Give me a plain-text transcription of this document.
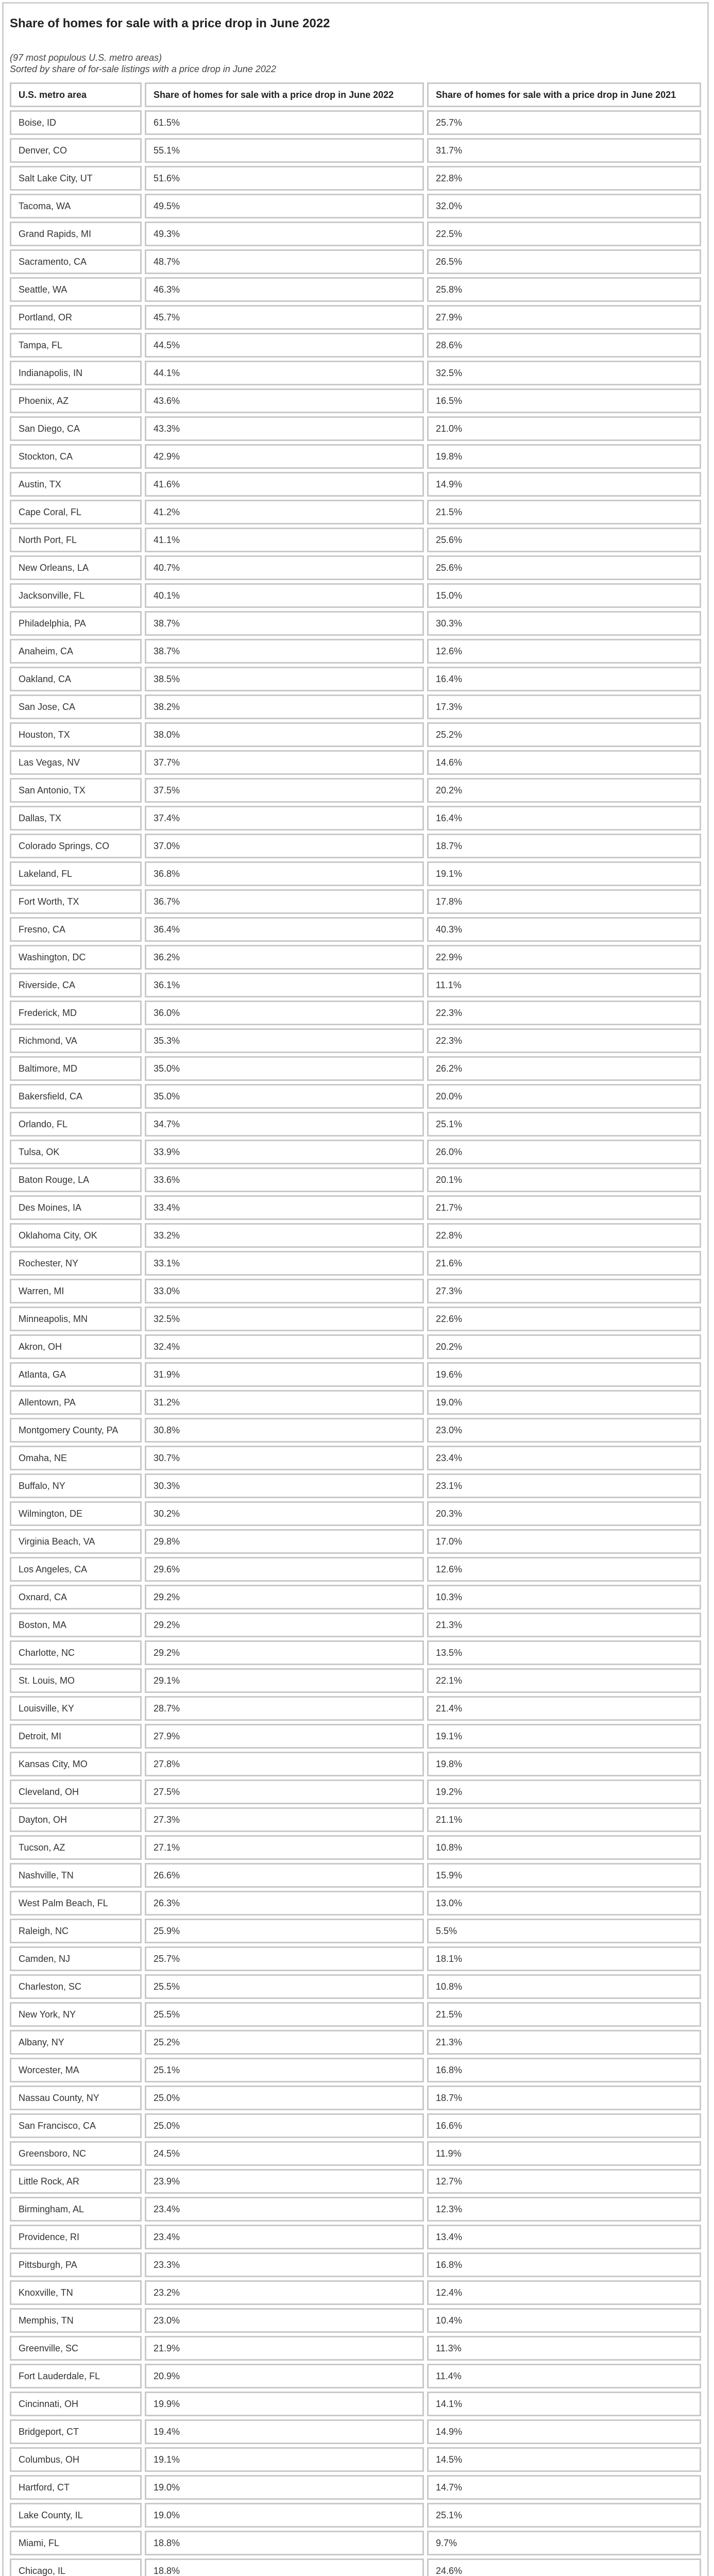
Share of homes for sale with a price drop in June 2022
(97 most populous U.S. metro areas)
Sorted by share of for-sale listings with a price drop in June 2022
U.S. metro area	Share of homes for sale with a price drop in June 2022	Share of homes for sale with a price drop in June 2021
Boise, ID	61.5%	25.7%
Denver, CO	55.1%	31.7%
Salt Lake City, UT	51.6%	22.8%
Tacoma, WA	49.5%	32.0%
Grand Rapids, MI	49.3%	22.5%
Sacramento, CA	48.7%	26.5%
Seattle, WA	46.3%	25.8%
Portland, OR	45.7%	27.9%
Tampa, FL	44.5%	28.6%
Indianapolis, IN	44.1%	32.5%
Phoenix, AZ	43.6%	16.5%
San Diego, CA	43.3%	21.0%
Stockton, CA	42.9%	19.8%
Austin, TX	41.6%	14.9%
Cape Coral, FL	41.2%	21.5%
North Port, FL	41.1%	25.6%
New Orleans, LA	40.7%	25.6%
Jacksonville, FL	40.1%	15.0%
Philadelphia, PA	38.7%	30.3%
Anaheim, CA	38.7%	12.6%
Oakland, CA	38.5%	16.4%
San Jose, CA	38.2%	17.3%
Houston, TX	38.0%	25.2%
Las Vegas, NV	37.7%	14.6%
San Antonio, TX	37.5%	20.2%
Dallas, TX	37.4%	16.4%
Colorado Springs, CO	37.0%	18.7%
Lakeland, FL	36.8%	19.1%
Fort Worth, TX	36.7%	17.8%
Fresno, CA	36.4%	40.3%
Washington, DC	36.2%	22.9%
Riverside, CA	36.1%	11.1%
Frederick, MD	36.0%	22.3%
Richmond, VA	35.3%	22.3%
Baltimore, MD	35.0%	26.2%
Bakersfield, CA	35.0%	20.0%
Orlando, FL	34.7%	25.1%
Tulsa, OK	33.9%	26.0%
Baton Rouge, LA	33.6%	20.1%
Des Moines, IA	33.4%	21.7%
Oklahoma City, OK	33.2%	22.8%
Rochester, NY	33.1%	21.6%
Warren, MI	33.0%	27.3%
Minneapolis, MN	32.5%	22.6%
Akron, OH	32.4%	20.2%
Atlanta, GA	31.9%	19.6%
Allentown, PA	31.2%	19.0%
Montgomery County, PA	30.8%	23.0%
Omaha, NE	30.7%	23.4%
Buffalo, NY	30.3%	23.1%
Wilmington, DE	30.2%	20.3%
Virginia Beach, VA	29.8%	17.0%
Los Angeles, CA	29.6%	12.6%
Oxnard, CA	29.2%	10.3%
Boston, MA	29.2%	21.3%
Charlotte, NC	29.2%	13.5%
St. Louis, MO	29.1%	22.1%
Louisville, KY	28.7%	21.4%
Detroit, MI	27.9%	19.1%
Kansas City, MO	27.8%	19.8%
Cleveland, OH	27.5%	19.2%
Dayton, OH	27.3%	21.1%
Tucson, AZ	27.1%	10.8%
Nashville, TN	26.6%	15.9%
West Palm Beach, FL	26.3%	13.0%
Raleigh, NC	25.9%	5.5%
Camden, NJ	25.7%	18.1%
Charleston, SC	25.5%	10.8%
New York, NY	25.5%	21.5%
Albany, NY	25.2%	21.3%
Worcester, MA	25.1%	16.8%
Nassau County, NY	25.0%	18.7%
San Francisco, CA	25.0%	16.6%
Greensboro, NC	24.5%	11.9%
Little Rock, AR	23.9%	12.7%
Birmingham, AL	23.4%	12.3%
Providence, RI	23.4%	13.4%
Pittsburgh, PA	23.3%	16.8%
Knoxville, TN	23.2%	12.4%
Memphis, TN	23.0%	10.4%
Greenville, SC	21.9%	11.3%
Fort Lauderdale, FL	20.9%	11.4%
Cincinnati, OH	19.9%	14.1%
Bridgeport, CT	19.4%	14.9%
Columbus, OH	19.1%	14.5%
Hartford, CT	19.0%	14.7%
Lake County, IL	19.0%	25.1%
Miami, FL	18.8%	9.7%
Chicago, IL	18.8%	24.6%
